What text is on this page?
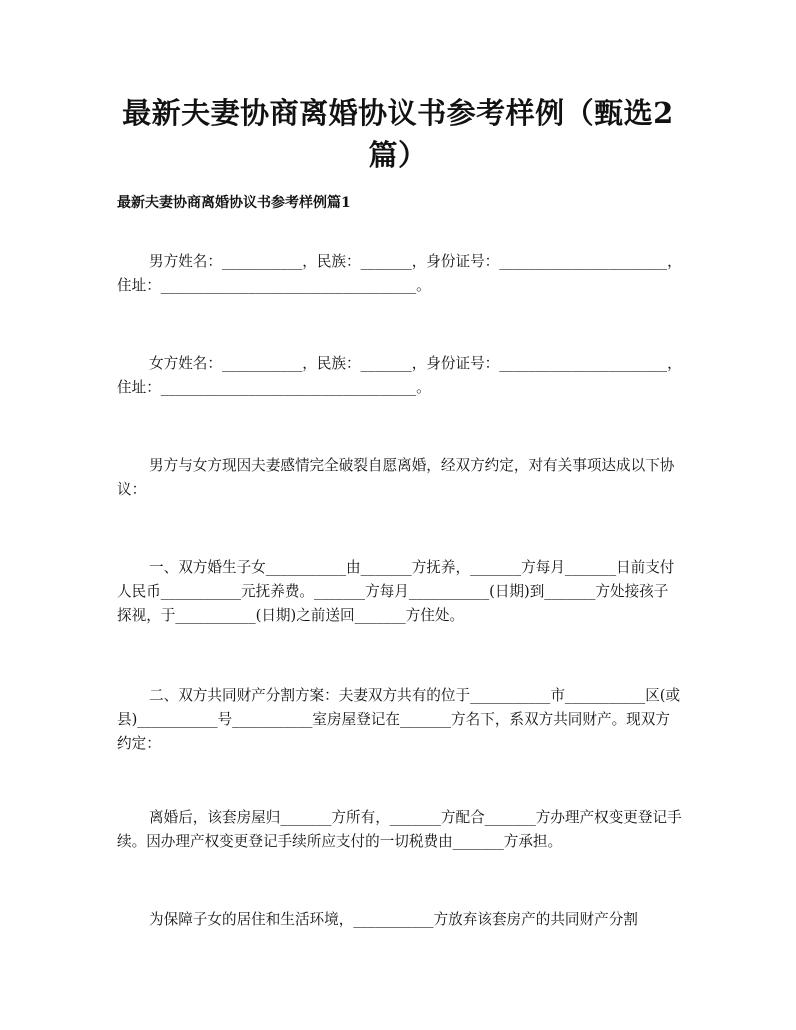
最新夫妻协商离婚协议书参考样例（甄选2篇）
最新夫妻协商离婚协议书参考样例篇1
男方姓名：___________，民族：_______，身份证号：_______________________，住址：___________________________________。
女方姓名：___________，民族：_______，身份证号：_______________________，住址：___________________________________。
男方与女方现因夫妻感情完全破裂自愿离婚，经双方约定，对有关事项达成以下协议：
一、双方婚生子女___________由_______方抚养，_______方每月_______日前支付人民币___________元抚养费。_______方每月___________(日期)到_______方处接孩子探视，于___________(日期)之前送回_______方住处。
二、双方共同财产分割方案：夫妻双方共有的位于___________市___________区(或县)___________号___________室房屋登记在_______方名下，系双方共同财产。现双方约定：
离婚后，该套房屋归_______方所有，_______方配合_______方办理产权变更登记手续。因办理产权变更登记手续所应支付的一切税费由_______方承担。
为保障子女的居住和生活环境，___________方放弃该套房产的共同财产分割
